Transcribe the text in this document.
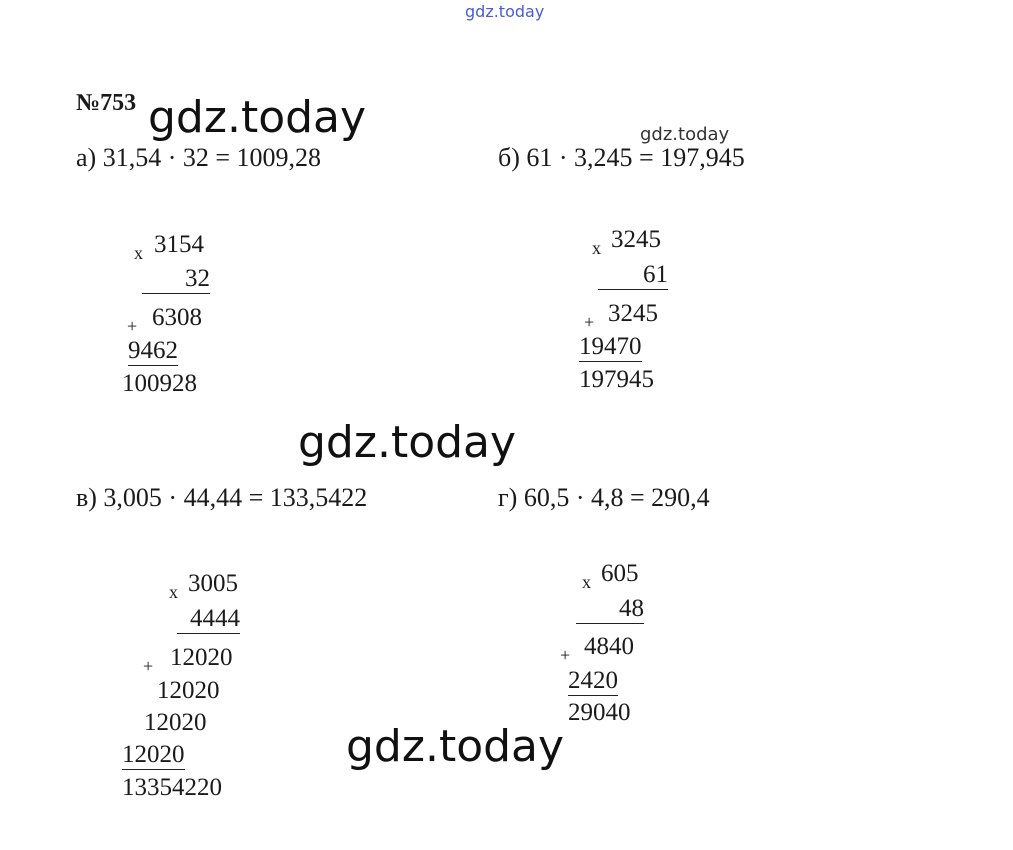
gdz.today
gdz.today	gdz.today
gdz.today
gdz.today
№753
а) 31,54 · 32 = 1009,28
х 3154
32
+ 6308
9462
100928
б) 61 · 3,245 = 197,945
х 3245
61
+ 3245
19470
197945
в) 3,005 · 44,44 = 133,5422
х 3005
4444
+ 12020
12020
12020
12020
13354220
г) 60,5 · 4,8 = 290,4
х 605
48
+ 4840
2420
29040
